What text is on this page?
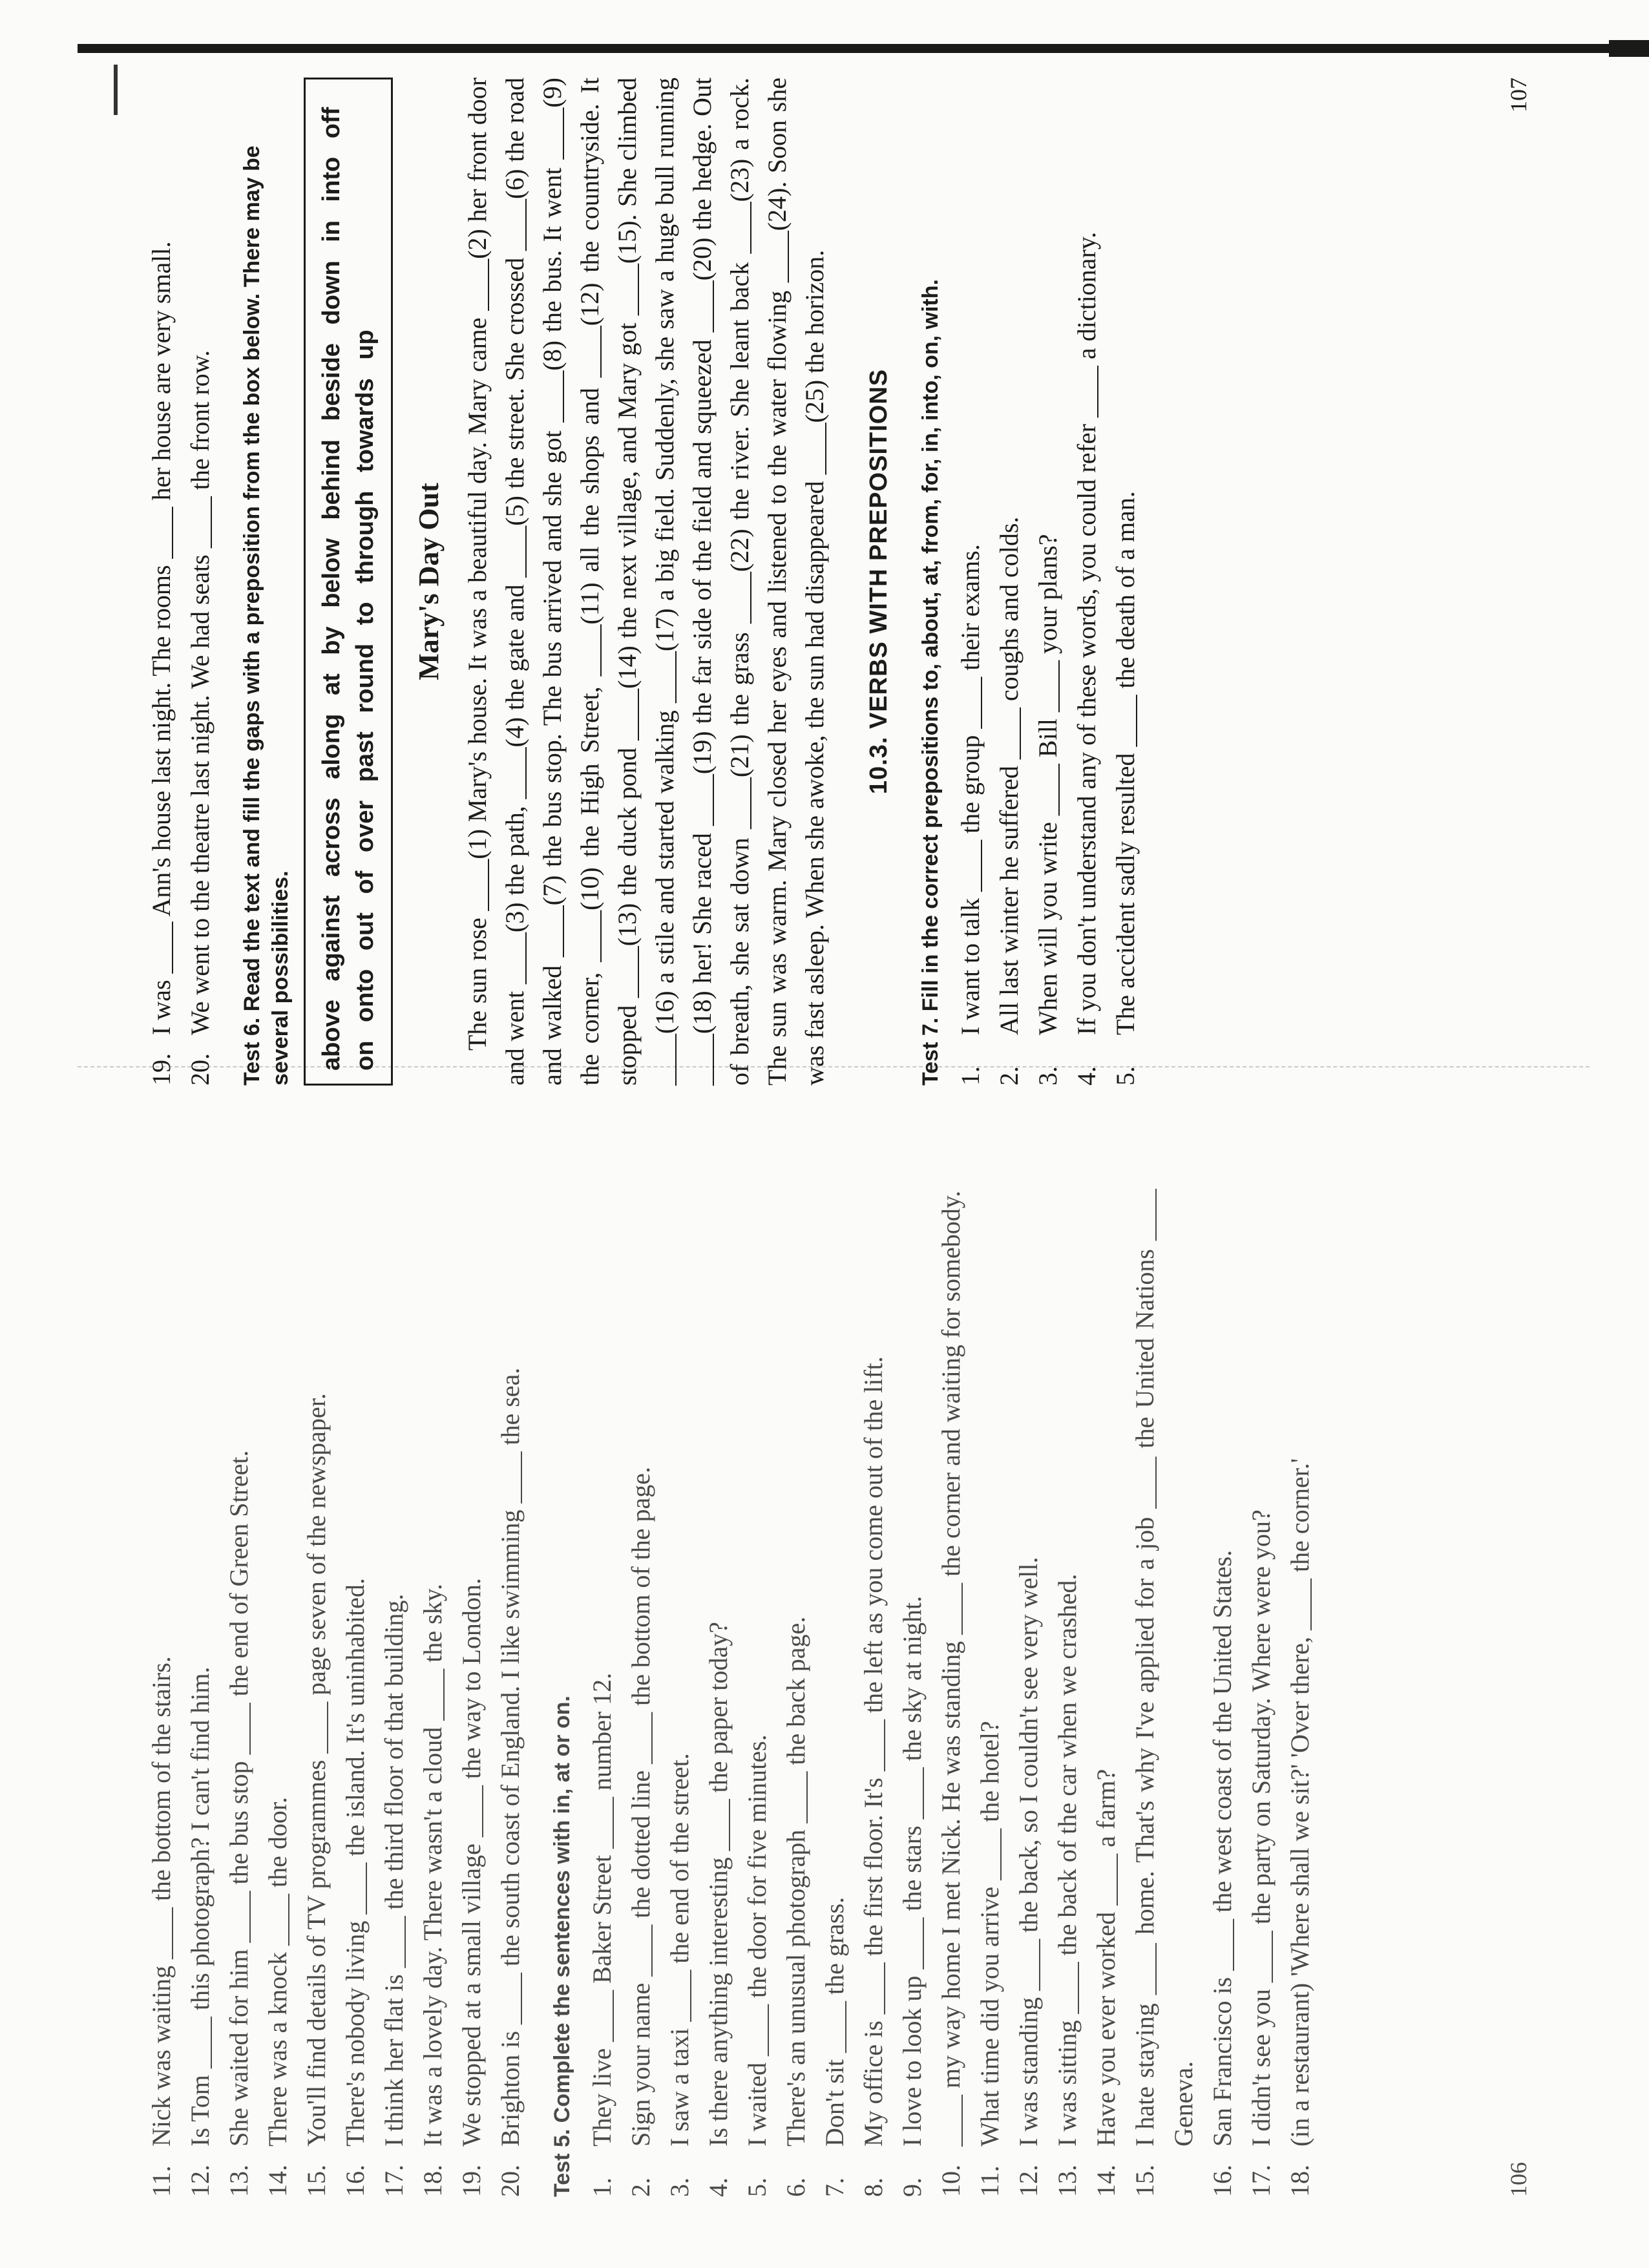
11.
Nick was waiting ____ the bottom of the stairs.
12.
Is Tom ____ this photograph? I can't find him.
13.
She waited for him ____ the bus stop ____ the end of Green Street.
14.
There was a knock ____ the door.
15.
You'll find details of TV programmes ____ page seven of the newspaper.
16.
There's nobody living ____ the island. It's uninhabited.
17.
I think her flat is ____ the third floor of that building.
18.
It was a lovely day. There wasn't a cloud ____ the sky.
19.
We stopped at a small village ____ the way to London.
20.
Brighton is ____ the south coast of England. I like swimming ____ the sea.
Test 5. Complete the sentences with in, at or on.
1.
They live ____ Baker Street ____ number 12.
2.
Sign your name ____ the dotted line ____ the bottom of the page.
3.
I saw a taxi ____ the end of the street.
4.
Is there anything interesting ____ the paper today?
5.
I waited ____ the door for five minutes.
6.
There's an unusual photograph ____ the back page.
7.
Don't sit ____ the grass.
8.
My office is ____ the first floor. It's ____ the left as you come out of the lift.
9.
I love to look up ____ the stars ____ the sky at night.
10.
____ my way home I met Nick. He was standing ____ the corner and waiting for somebody.
11.
What time did you arrive ____ the hotel?
12.
I was standing ____ the back, so I couldn't see very well.
13.
I was sitting ____ the back of the car when we crashed.
14.
Have you ever worked ____ a farm?
15.
I hate staying ____ home. That's why I've applied for a job ____ the United Nations ____ Geneva.
16.
San Francisco is ____ the west coast of the United States.
17.
I didn't see you ____ the party on Saturday. Where were you?
18.
(in a restaurant) 'Where shall we sit?' 'Over there, ____ the corner.'
106
19.
I was ____ Ann's house last night. The rooms ____ her house are very small.
20.
We went to the theatre last night. We had seats ____ the front row.
Test 6. Read the text and fill the gaps with a preposition from the box below. There may be several possibilities.	above against across along at by below behind beside down in into off on onto out of over past round to through towards up	Mary's Day Out The sun rose ____(1) Mary's house. It was a beautiful day. Mary came ____(2) her front door and went ____(3) the path, ____(4) the gate and ____(5) the street. She crossed ____(6) the road and walked ____(7) the bus stop. The bus arrived and she got ____(8) the bus. It went ____(9) the corner, ____(10) the High Street, ____(11) all the shops and ____(12) the countryside. It stopped ____(13) the duck pond ____(14) the next village, and Mary got ____(15). She climbed ____(16) a stile and started walking ____(17) a big field. Suddenly, she saw a huge bull running ____(18) her! She raced ____(19) the far side of the field and squeezed ____(20) the hedge. Out of breath, she sat down ____(21) the grass ____(22) the river. She leant back ____(23) a rock. The sun was warm. Mary closed her eyes and listened to the water flowing ____(24). Soon she was fast asleep. When she awoke, the sun had disappeared ____(25) the horizon. 10.3. VERBS WITH PREPOSITIONS
Test 7. Fill in the correct prepositions to, about, at, from, for, in, into, on, with.
1.
I want to talk ____ the group ____ their exams.
2.
All last winter he suffered ____ coughs and colds.
3.
When will you write ____ Bill ____ your plans?
4.
If you don't understand any of these words, you could refer ____ a dictionary.
5.
The accident sadly resulted ____ the death of a man.
107
